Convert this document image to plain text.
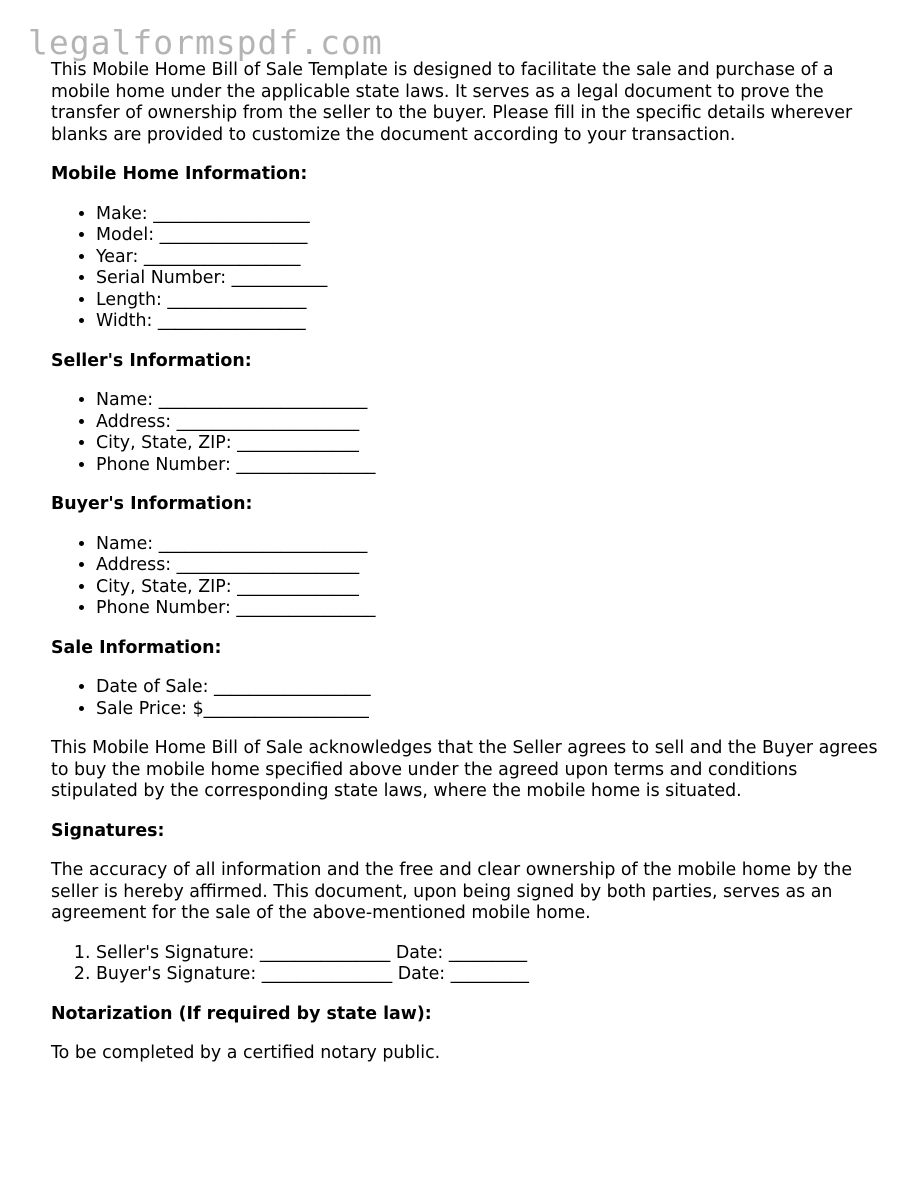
legalformspdf.com

This Mobile Home Bill of Sale Template is designed to facilitate the sale and purchase of a mobile home under the applicable state laws. It serves as a legal document to prove the transfer of ownership from the seller to the buyer. Please fill in the specific details wherever blanks are provided to customize the document according to your transaction.

Mobile Home Information:
• Make: __________________
• Model: _________________
• Year: __________________
• Serial Number: ___________
• Length: ________________
• Width: _________________
Seller's Information:
• Name: ________________________
• Address: _____________________
• City, State, ZIP: ______________
• Phone Number: ________________
Buyer's Information:
• Name: ________________________
• Address: _____________________
• City, State, ZIP: ______________
• Phone Number: ________________
Sale Information:
• Date of Sale: __________________
• Sale Price: $___________________

This Mobile Home Bill of Sale acknowledges that the Seller agrees to sell and the Buyer agrees to buy the mobile home specified above under the agreed upon terms and conditions stipulated by the corresponding state laws, where the mobile home is situated.

Signatures:

The accuracy of all information and the free and clear ownership of the mobile home by the seller is hereby affirmed. This document, upon being signed by both parties, serves as an agreement for the sale of the above-mentioned mobile home.

1. Seller's Signature: _______________ Date: _________
2. Buyer's Signature: _______________ Date: _________
Notarization (If required by state law):

To be completed by a certified notary public.
